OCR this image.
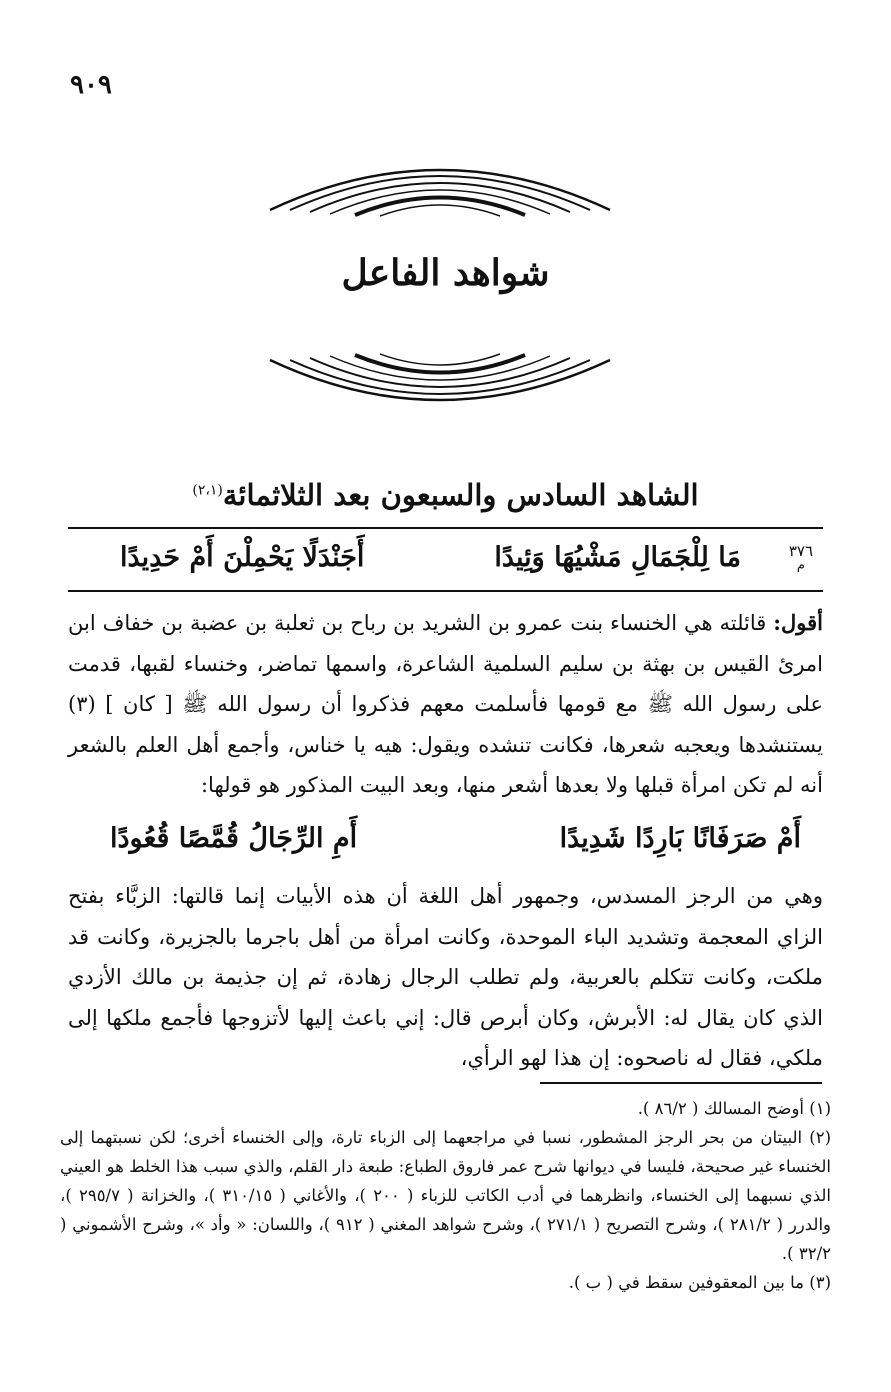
٩٠٩
شواهد الفاعل
الشاهد السادس والسبعون بعد الثلاثمائة$^{(٢،١)}$
٣٧٦
م
مَا لِلْجَمَالِ مَشْيُهَا وَئِيدًا
أَجَنْدَلًا يَحْمِلْنَ أَمْ حَدِيدًا
أقول: قائلته هي الخنساء بنت عمرو بن الشريد بن رباح بن ثعلبة بن عضبة بن خفاف ابن امرئ القيس بن بهثة بن سليم السلمية الشاعرة، واسمها تماضر، وخنساء لقبها، قدمت على رسول الله ﷺ مع قومها فأسلمت معهم فذكروا أن رسول الله ﷺ [ كان ] (٣) يستنشدها ويعجبه شعرها، فكانت تنشده ويقول: هيه يا خناس، وأجمع أهل العلم بالشعر أنه لم تكن امرأة قبلها ولا بعدها أشعر منها، وبعد البيت المذكور هو قولها:
أَمْ صَرَفَانًا بَارِدًا شَدِيدًا
أَمِ الرِّجَالُ قُمَّصًا قُعُودًا
وهي من الرجز المسدس، وجمهور أهل اللغة أن هذه الأبيات إنما قالتها: الزبَّاء بفتح الزاي المعجمة وتشديد الباء الموحدة، وكانت امرأة من أهل باجرما بالجزيرة، وكانت قد ملكت، وكانت تتكلم بالعربية، ولم تطلب الرجال زهادة، ثم إن جذيمة بن مالك الأزدي الذي كان يقال له: الأبرش، وكان أبرص قال: إني باعث إليها لأتزوجها فأجمع ملكها إلى ملكي، فقال له ناصحوه: إن هذا لهو الرأي،

(١) أوضح المسالك ( ٨٦/٢ ).

(٢) البيتان من بحر الرجز المشطور، نسبا في مراجعهما إلى الزباء تارة، وإلى الخنساء أخرى؛ لكن نسبتهما إلى الخنساء غير صحيحة، فليسا في ديوانها شرح عمر فاروق الطباع: طبعة دار القلم، والذي سبب هذا الخلط هو العيني الذي نسبهما إلى الخنساء، وانظرهما في أدب الكاتب للزباء ( ٢٠٠ )، والأغاني ( ٣١٠/١٥ )، والخزانة ( ٢٩٥/٧ )، والدرر ( ٢٨١/٢ )، وشرح التصريح ( ٢٧١/١ )، وشرح شواهد المغني ( ٩١٢ )، واللسان: « وأد »، وشرح الأشموني ( ٣٢/٢ ).

(٣) ما بين المعقوفين سقط في ( ب ).
